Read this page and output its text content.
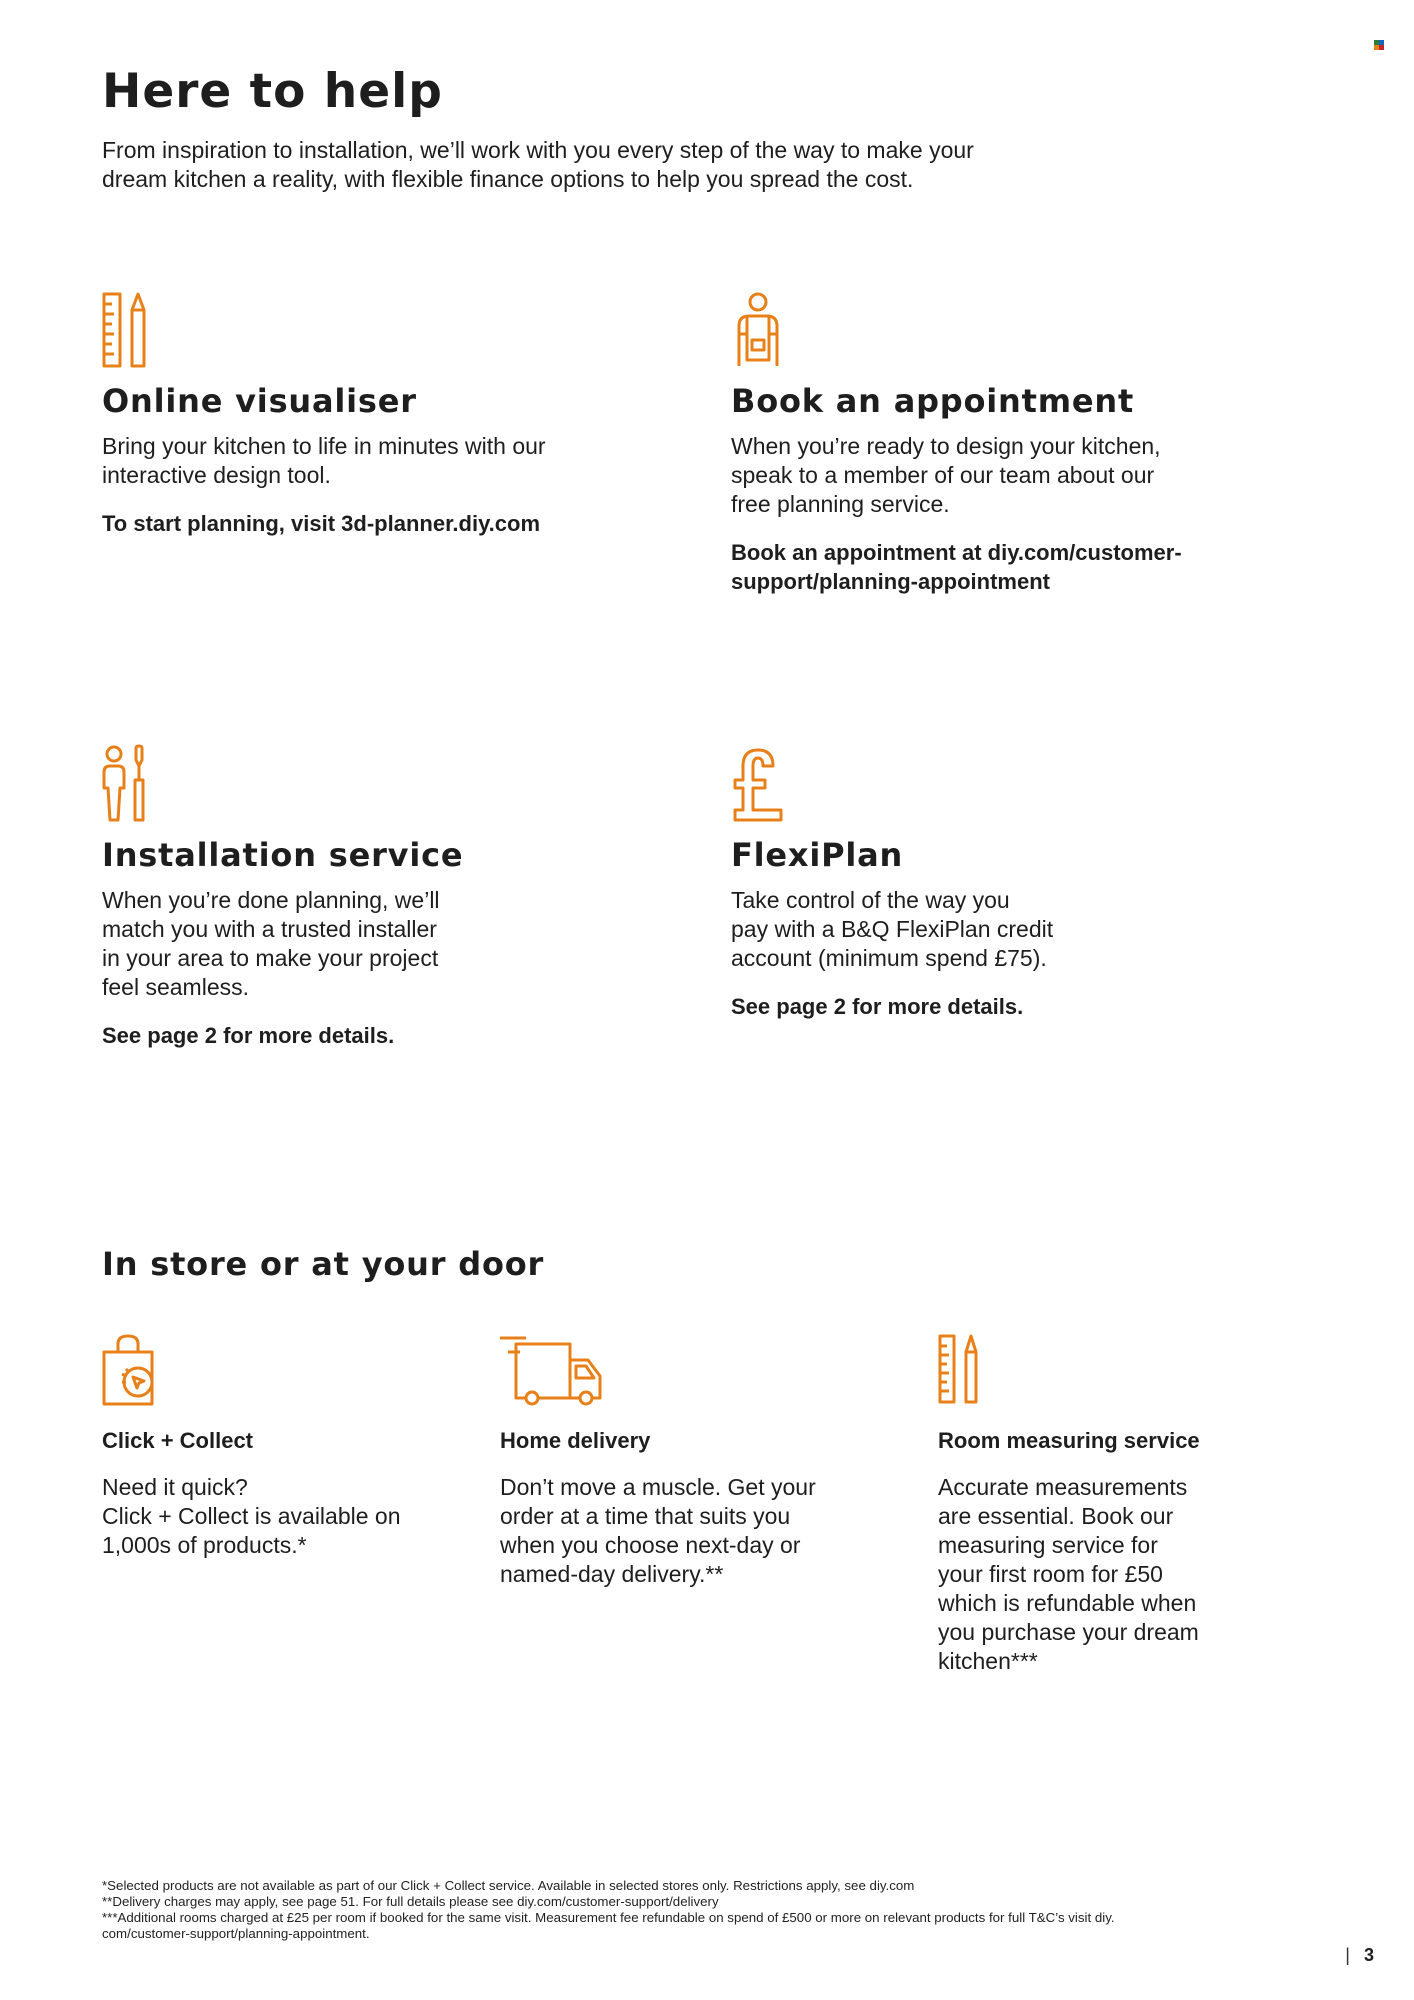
Here to help
From inspiration to installation, we’ll work with you every step of the way to make your
dream kitchen a reality, with flexible finance options to help you spread the cost.
Online visualiser
Bring your kitchen to life in minutes with our
interactive design tool.
To start planning, visit 3d-planner.diy.com
Book an appointment
When you’re ready to design your kitchen,
speak to a member of our team about our
free planning service.
Book an appointment at diy.com/customer-
support/planning-appointment
Installation service
When you’re done planning, we’ll
match you with a trusted installer
in your area to make your project
feel seamless.
See page 2 for more details.
FlexiPlan
Take control of the way you
pay with a B&Q FlexiPlan credit
account (minimum spend £75).
See page 2 for more details.
In store or at your door
Click + Collect
Need it quick?
Click + Collect is available on
1,000s of products.*
Home delivery
Don’t move a muscle. Get your
order at a time that suits you
when you choose next-day or
named-day delivery.**
Room measuring service
Accurate measurements
are essential. Book our
measuring service for
your first room for £50
which is refundable when
you purchase your dream
kitchen***
*Selected products are not available as part of our Click + Collect service. Available in selected stores only. Restrictions apply, see diy.com
**Delivery charges may apply, see page 51. For full details please see diy.com/customer-support/delivery
***Additional rooms charged at £25 per room if booked for the same visit. Measurement fee refundable on spend of £500 or more on relevant products for full T&C’s visit diy.
com/customer-support/planning-appointment.
| 3
